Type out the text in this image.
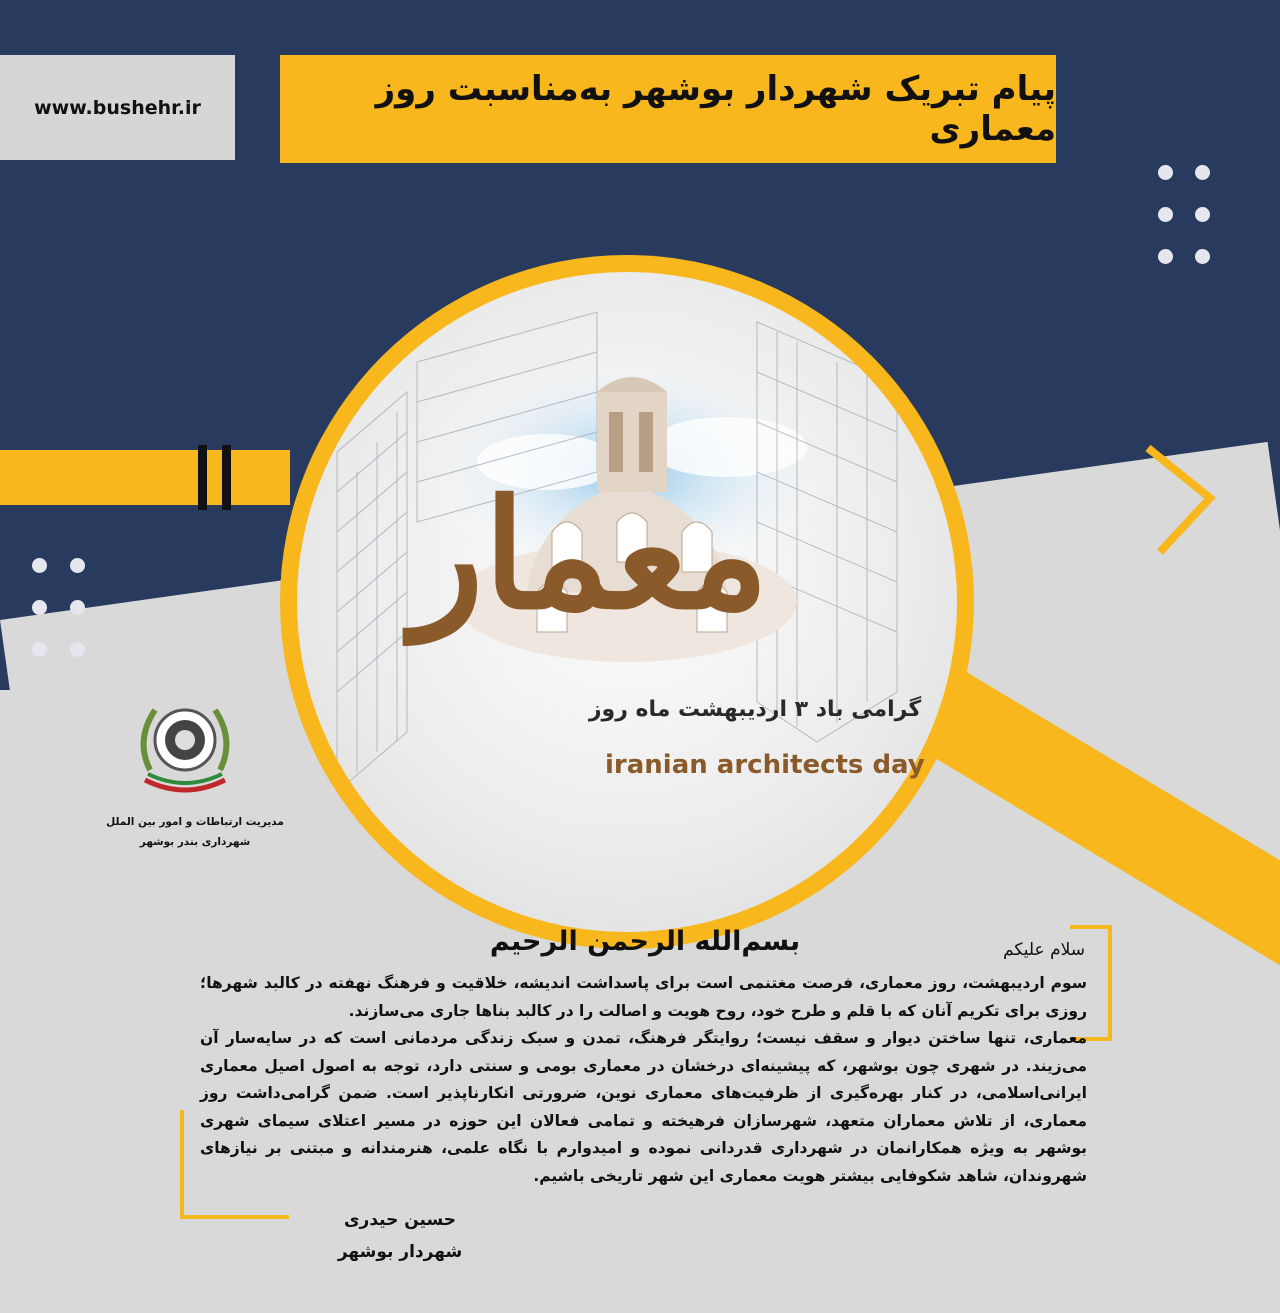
www.bushehr.ir	پیام تبریک شهردار بوشهر به‌مناسبت روز معماری
معمار
گرامی باد ۳ اردیبهشت ماه روز
iranian architects day
مدیریت ارتباطات و امور بین الملل
شهرداری بندر بوشهر
بسم‌الله الرحمن الرحیم	سلام علیکم

سوم اردیبهشت، روز معماری، فرصت مغتنمی است برای پاسداشت اندیشه، خلاقیت و فرهنگ نهفته در کالبد شهرها؛ روزی برای تکریم آنان که با قلم و طرح خود، روح هویت و اصالت را در کالبد بناها جاری می‌سازند.

معماری، تنها ساختن دیوار و سقف نیست؛ روایتگر فرهنگ، تمدن و سبک زندگی مردمانی است که در سایه‌سار آن می‌زیند. در شهری چون بوشهر، که پیشینه‌ای درخشان در معماری بومی و سنتی دارد، توجه به اصول اصیل معماری ایرانی‌اسلامی، در کنار بهره‌گیری از ظرفیت‌های معماری نوین، ضرورتی انکارناپذیر است. ضمن گرامی‌داشت روز معماری، از تلاش معماران متعهد، شهرسازان فرهیخته و تمامی فعالان این حوزه در مسیر اعتلای سیمای شهری بوشهر به ویژه همکارانمان در شهرداری قدردانی نموده و امیدوارم با نگاه علمی، هنرمندانه و مبتنی بر نیازهای شهروندان، شاهد شکوفایی بیشتر هویت معماری این شهر تاریخی باشیم.

حسین حیدری
شهردار بوشهر
